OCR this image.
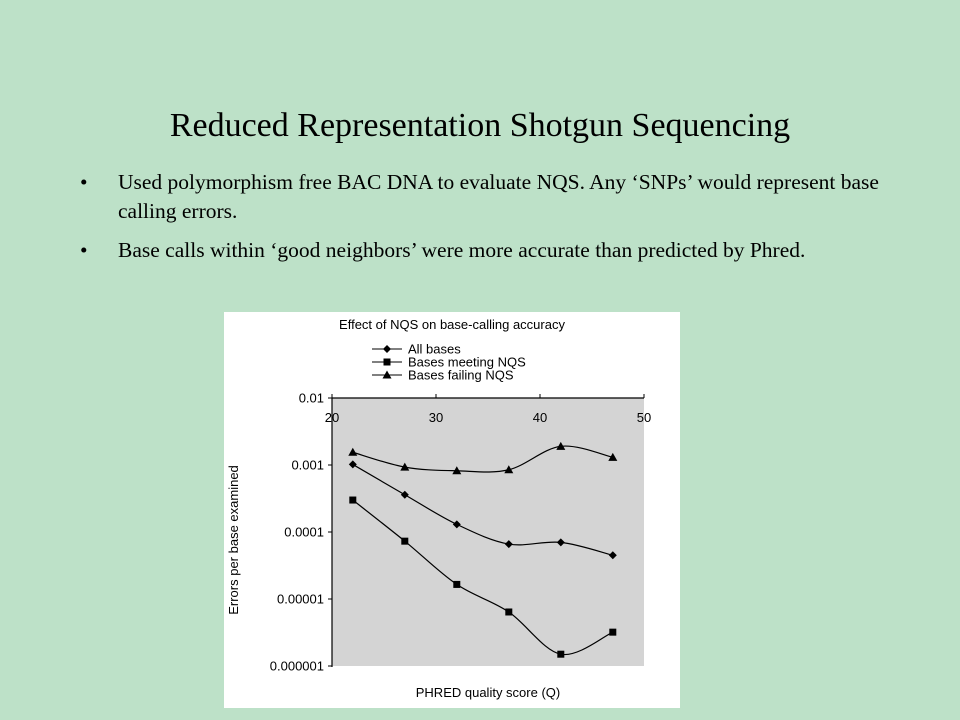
Reduced Representation Shotgun Sequencing
•	Used polymorphism free BAC DNA to evaluate NQS. Any ‘SNPs’ would represent base calling errors.
•	Base calls within ‘good neighbors’ were more accurate than predicted by Phred.
Effect of NQS on base-calling accuracy
All bases
Bases meeting NQS
Bases failing NQS
20	30	40	50
0.01
0.001
0.0001
0.00001
0.000001
Errors per base examined
PHRED quality score (Q)
